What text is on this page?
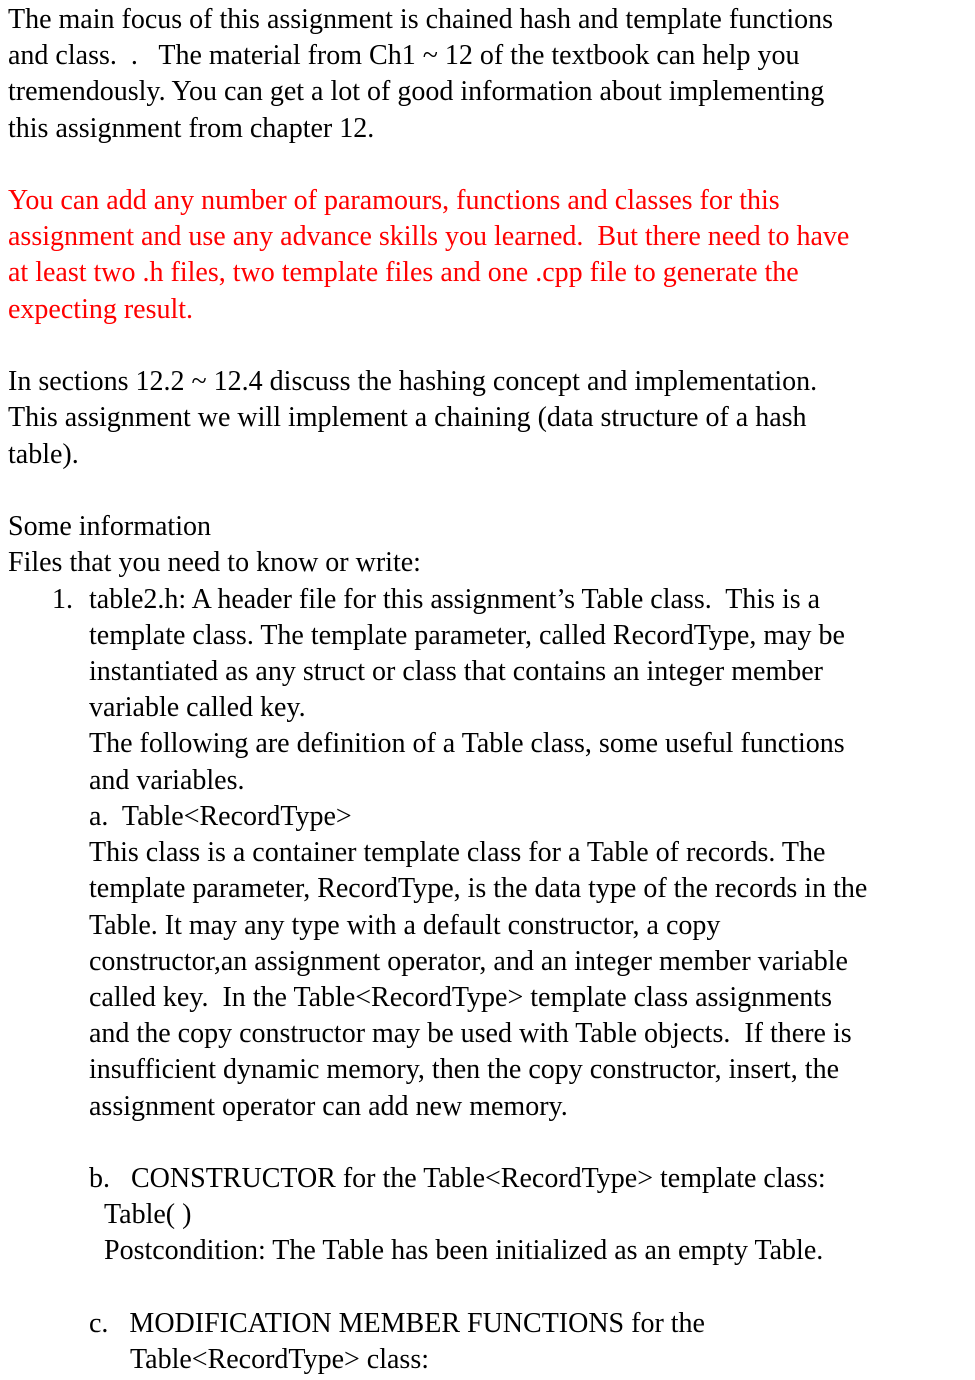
The main focus of this assignment is chained hash and template functions
and class.  .   The material from Ch1 ~ 12 of the textbook can help you
tremendously. You can get a lot of good information about implementing
this assignment from chapter 12.
You can add any number of paramours, functions and classes for this
assignment and use any advance skills you learned.  But there need to have
at least two .h files, two template files and one .cpp file to generate the
expecting result.
In sections 12.2 ~ 12.4 discuss the hashing concept and implementation.
This assignment we will implement a chaining (data structure of a hash
table).
Some information
Files that you need to know or write:
1. table2.h: A header file for this assignment’s Table class.  This is a
template class. The template parameter, called RecordType, may be
instantiated as any struct or class that contains an integer member
variable called key.
The following are definition of a Table class, some useful functions
and variables.
a.  Table<RecordType>
This class is a container template class for a Table of records. The
template parameter, RecordType, is the data type of the records in the
Table. It may any type with a default constructor, a copy
constructor,an assignment operator, and an integer member variable
called key.  In the Table<RecordType> template class assignments
and the copy constructor may be used with Table objects.  If there is
insufficient dynamic memory, then the copy constructor, insert, the
assignment operator can add new memory.
b.   CONSTRUCTOR for the Table<RecordType> template class:
Table( )
Postcondition: The Table has been initialized as an empty Table.
c.   MODIFICATION MEMBER FUNCTIONS for the
Table<RecordType> class:
